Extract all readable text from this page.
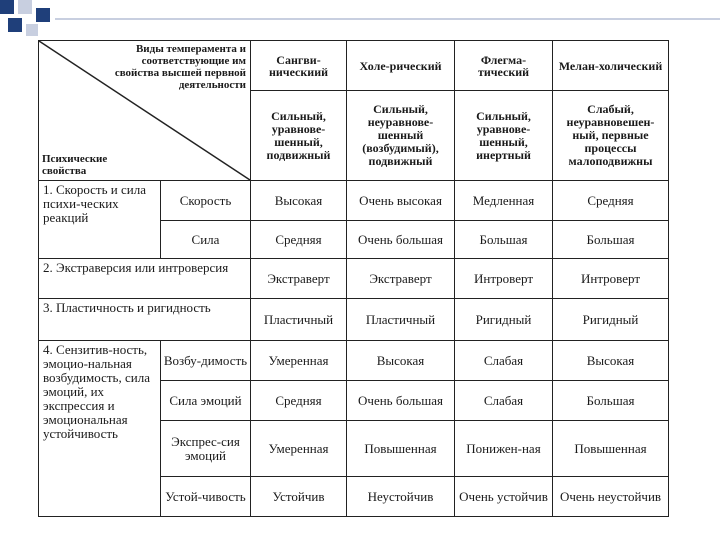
Виды темперамента и соответствующие им свойства высшей первной деятельности
Психические свойства		Сангви-ническиий	Холе-рический	Флегма-тический	Мелан-холический
		Сильный, уравнове-шенный, подвижный	Сильный, неуравнове-шенный (возбудимый), подвижный	Сильный, уравнове-шенный, инертный	Слабый, неуравновешен-ный, первные процессы малоподвижны
1. Скорость и сила психи-ческих реакций	Скорость	Высокая	Очень высокая	Медленная	Средняя
	Сила	Средняя	Очень большая	Большая	Большая
2. Экстраверсия или интроверсия		Экстраверт	Экстраверт	Интроверт	Интроверт
3. Пластичность и ригидность		Пластичный	Пластичный	Ригидный	Ригидный
4. Сензитив-ность, эмоцио-нальная возбудимость, сила эмоций, их экспрессия и эмоциональная устойчивость	Возбу-димость	Умеренная	Высокая	Слабая	Высокая
	Сила эмоций	Средняя	Очень большая	Слабая	Большая
	Экспрес-сия эмоций	Умеренная	Повышенная	Понижен-ная	Повышенная
	Устой-чивость	Устойчив	Неустойчив	Очень устойчив	Очень неустойчив
